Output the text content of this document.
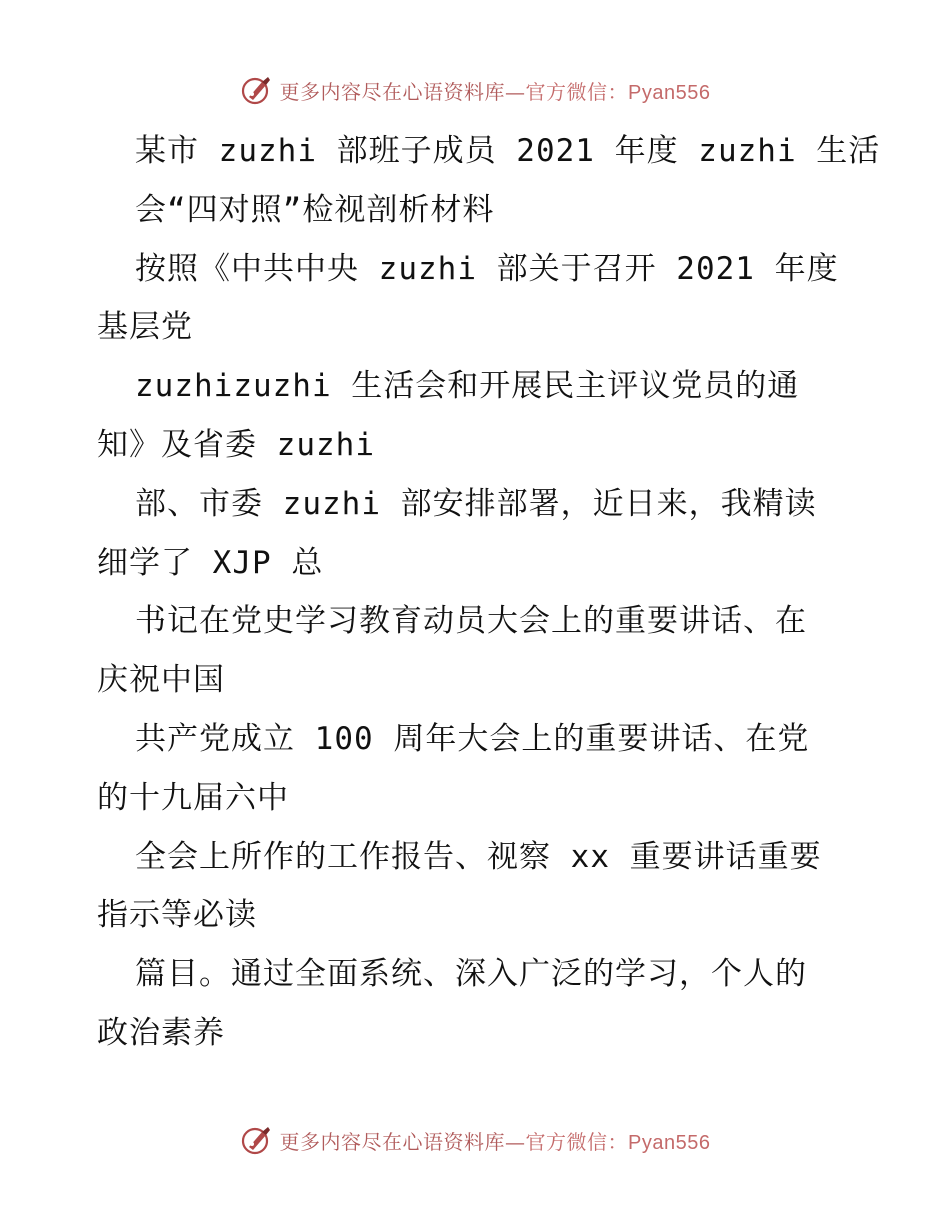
更多内容尽在心语资料库—官方微信：Pyan556
某市 zuzhi 部班子成员 2021 年度 zuzhi 生活
会“四对照”检视剖析材料
按照《中共中央 zuzhi 部关于召开 2021 年度
基层党
zuzhizuzhi 生活会和开展民主评议党员的通
知》及省委 zuzhi
部、市委 zuzhi 部安排部署，近日来，我精读
细学了 XJP 总
书记在党史学习教育动员大会上的重要讲话、在
庆祝中国
共产党成立 100 周年大会上的重要讲话、在党
的十九届六中
全会上所作的工作报告、视察 xx 重要讲话重要
指示等必读
篇目。通过全面系统、深入广泛的学习，个人的
政治素养
更多内容尽在心语资料库—官方微信：Pyan556
